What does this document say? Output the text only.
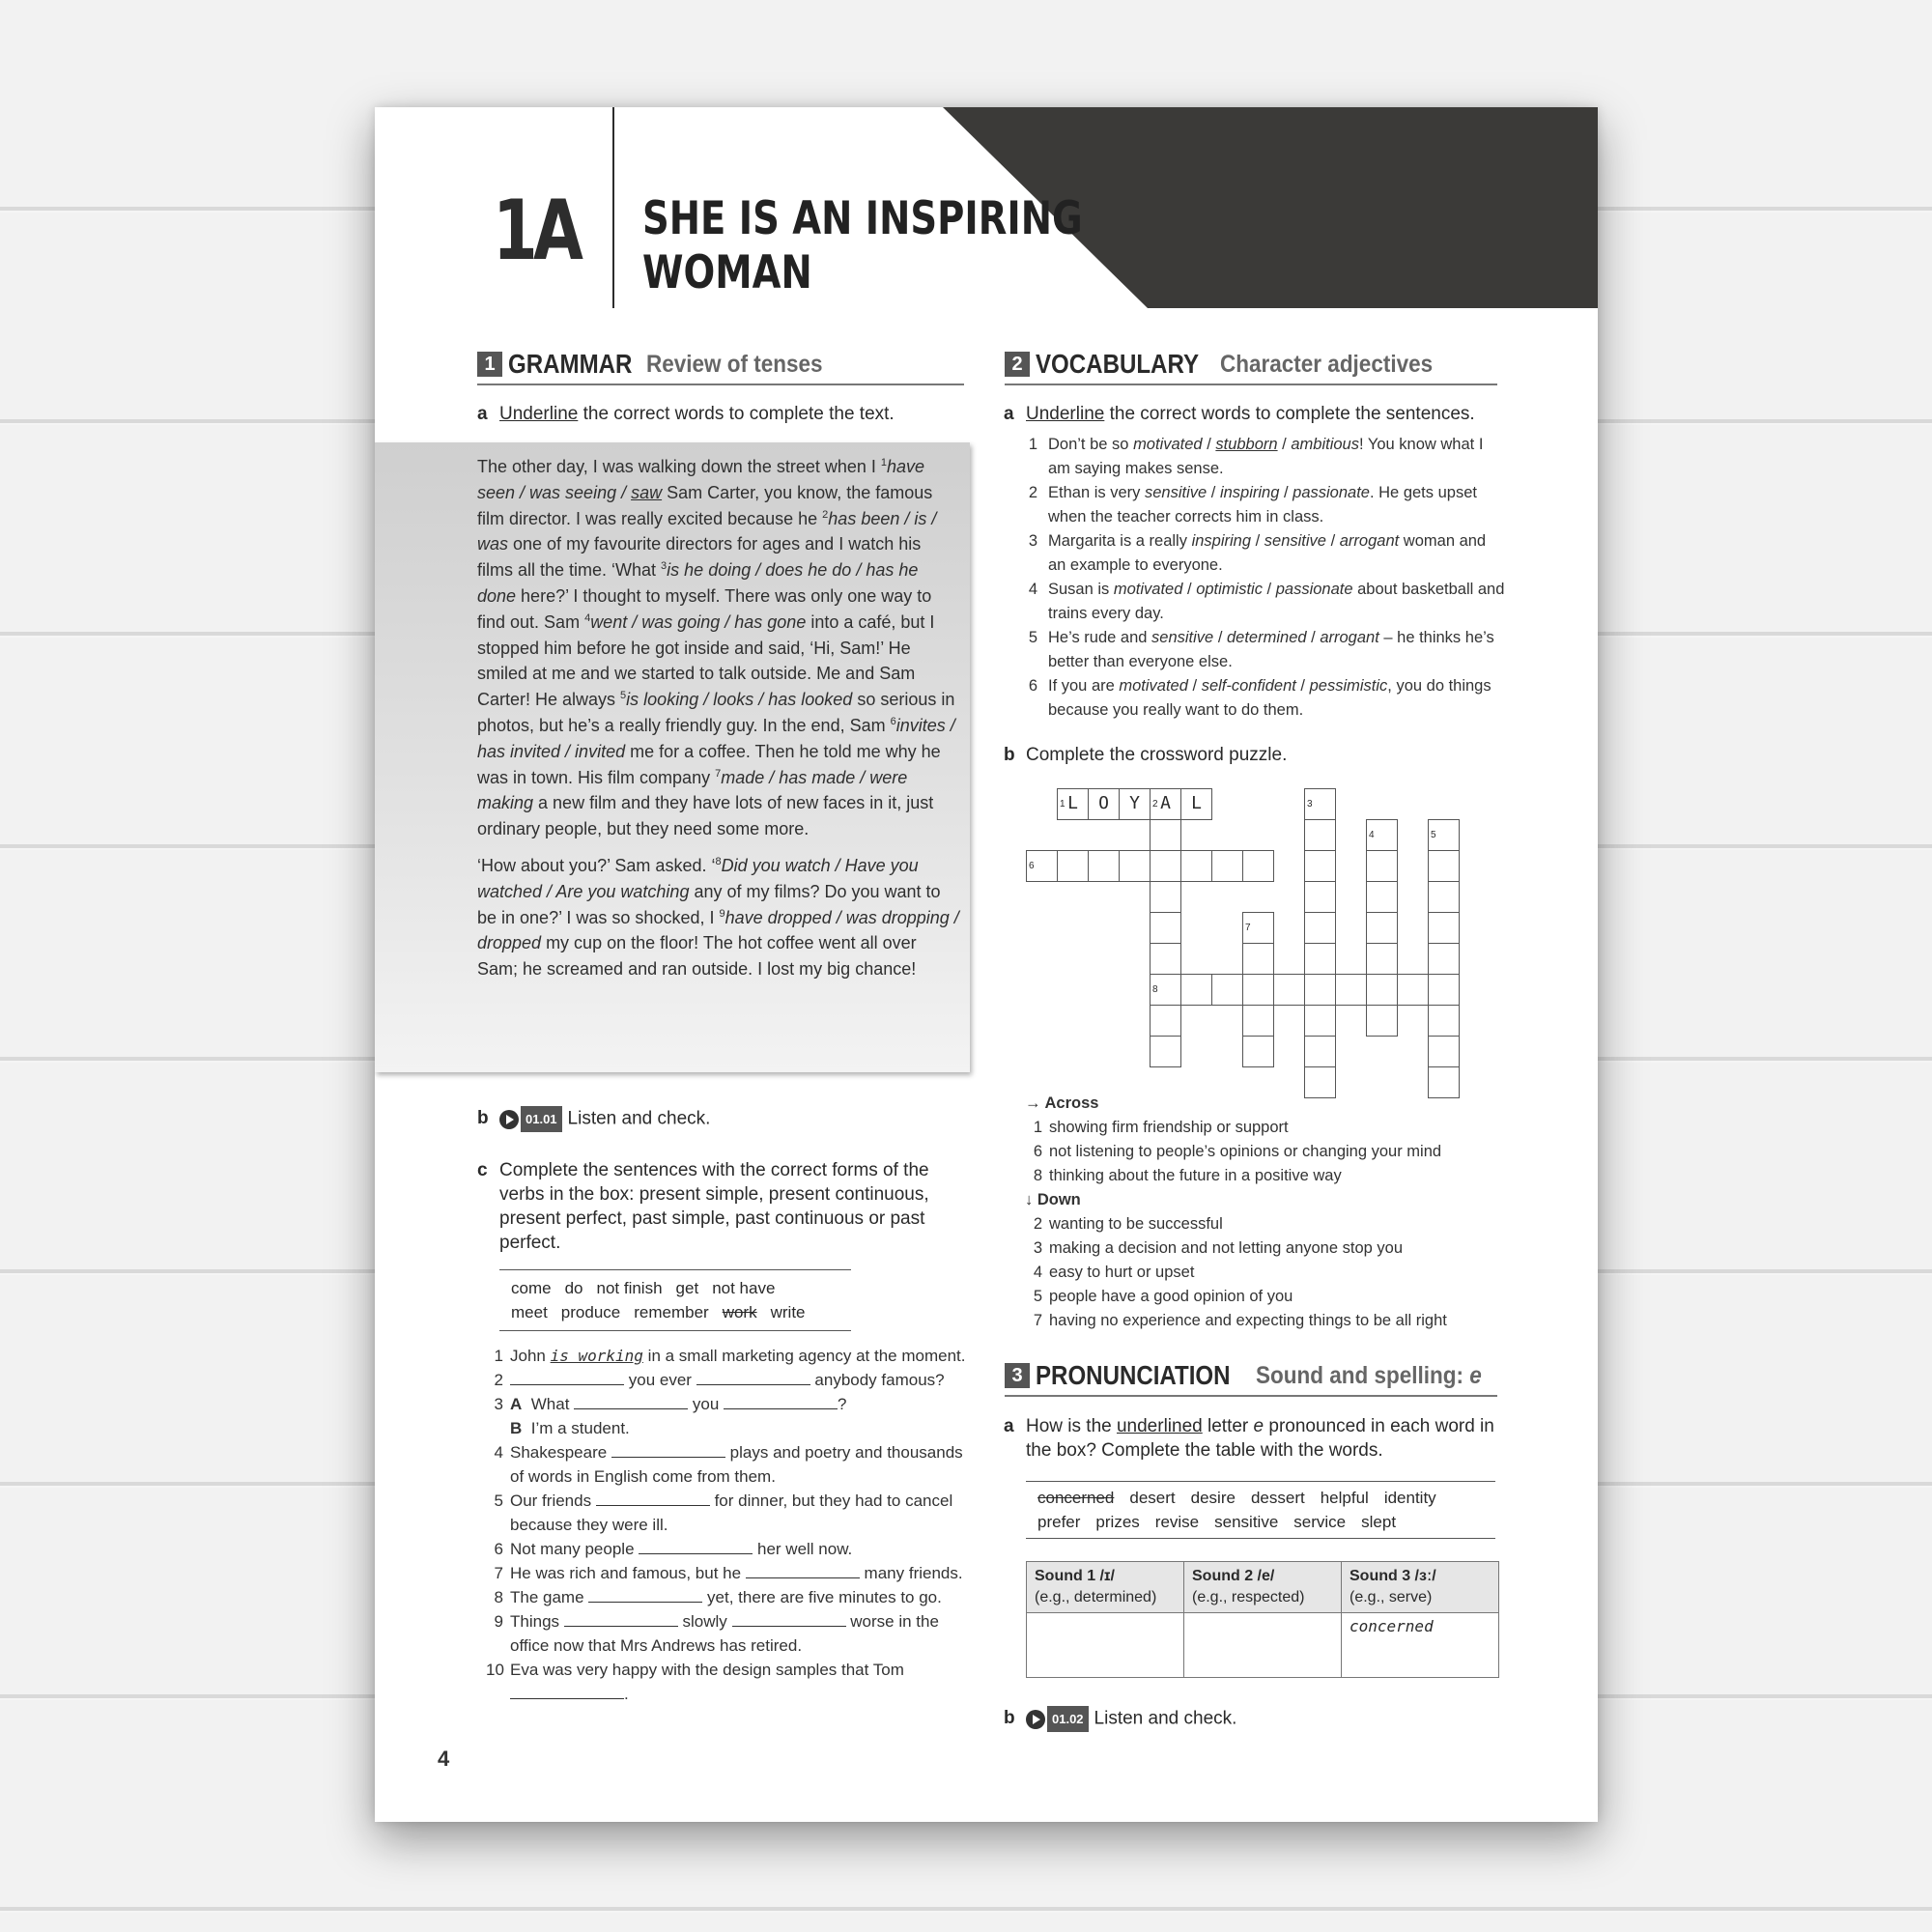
1A SHE IS AN INSPIRING
WOMAN
1 GRAMMAR Review of tenses
a Underline the correct words to complete the text.

The other day, I was walking down the street when I $^1$have seen / was seeing / saw Sam Carter, you know, the famous film director. I was really excited because he $^2$has been / is / was one of my favourite directors for ages and I watch his films all the time. ‘What $^3$is he doing / does he do / has he done here?’ I thought to myself. There was only one way to find out. Sam $^4$went / was going / has gone into a café, but I stopped him before he got inside and said, ‘Hi, Sam!’ He smiled at me and we started to talk outside. Me and Sam Carter! He always $^5$is looking / looks / has looked so serious in photos, but he’s a really friendly guy. In the end, Sam $^6$invites / has invited / invited me for a coffee. Then he told me why he was in town. His film company $^7$made / has made / were making a new film and they have lots of new faces in it, just ordinary people, but they need some more.

‘How about you?’ Sam asked. ‘$^8$Did you watch / Have you watched / Are you watching any of my films? Do you want to be in one?’ I was so shocked, I $^9$have dropped / was dropping / dropped my cup on the floor! The hot coffee went all over Sam; he screamed and ran outside. I lost my big chance!

b	01.01 Listen and check.
c Complete the sentences with the correct forms of the verbs in the box: present simple, present continuous, present perfect, past simple, past continuous or past perfect.
come do not finish get not have
meet produce remember work write
1 John is working in a small marketing agency at the moment.
2	you ever	anybody famous?
3 A What	you	?
B I’m a student.
4 Shakespeare	plays and poetry and thousands of words in English come from them.
5 Our friends	for dinner, but they had to cancel because they were ill.
6 Not many people	her well now.
7 He was rich and famous, but he	many friends.
8 The game	yet, there are five minutes to go.
9 Things	slowly	worse in the office now that Mrs Andrews has retired.
10 Eva was very happy with the design samples that Tom
.
4
2 VOCABULARY Character adjectives
a Underline the correct words to complete the sentences.
1 Don’t be so motivated / stubborn / ambitious! You know what I am saying makes sense.
2 Ethan is very sensitive / inspiring / passionate. He gets upset when the teacher corrects him in class.
3 Margarita is a really inspiring / sensitive / arrogant woman and an example to everyone.
4 Susan is motivated / optimistic / passionate about basketball and trains every day.
5 He’s rude and sensitive / determined / arrogant – he thinks he’s better than everyone else.
6 If you are motivated / self-confident / pessimistic, you do things because you really want to do them.
b Complete the crossword puzzle.
1 L	O	Y	2 A	L
8
3
4	5
6
7
→ Across
1 showing firm friendship or support
6 not listening to people’s opinions or changing your mind
8 thinking about the future in a positive way
↓ Down
2 wanting to be successful
3 making a decision and not letting anyone stop you
4 easy to hurt or upset
5 people have a good opinion of you
7 having no experience and expecting things to be all right
3 PRONUNCIATION Sound and spelling: e
a How is the underlined letter e pronounced in each word in the box? Complete the table with the words.
concerned desert desire dessert helpful identity
prefer prizes revise sensitive service slept
Sound 1 /ɪ/
(e.g., determined)	Sound 2 /e/
(e.g., respected)	Sound 3 /ɜː/
(e.g., serve)
		concerned
b	01.02 Listen and check.
